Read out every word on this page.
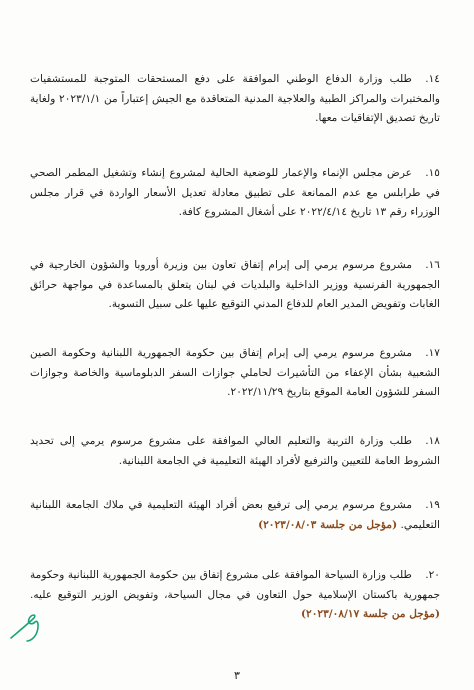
١٤.طلب وزارة الدفاع الوطني الموافقة على دفع المستحقات المتوجبة للمستشفيات والمختبرات والمراكز الطبية والعلاجية المدنية المتعاقدة مع الجيش إعتباراً من ٢٠٢٣/١/١ ولغاية تاريخ تصديق الإتفاقيات معها.
١٥.عرض مجلس الإنماء والإعمار للوضعية الحالية لمشروع إنشاء وتشغيل المطمر الصحي في طرابلس مع عدم الممانعة على تطبيق معادلة تعديل الأسعار الواردة في قرار مجلس الوزراء رقم ١٣ تاريخ ٢٠٢٢/٤/١٤ على أشغال المشروع كافة.
١٦.مشروع مرسوم يرمي إلى إبرام إتفاق تعاون بين وزيرة أوروبا والشؤون الخارجية في الجمهورية الفرنسية ووزير الداخلية والبلديات في لبنان يتعلق بالمساعدة في مواجهة حرائق الغابات وتفويض المدير العام للدفاع المدني التوقيع عليها على سبيل التسوية.
١٧.مشروع مرسوم يرمي إلى إبرام إتفاق بين حكومة الجمهورية اللبنانية وحكومة الصين الشعبية بشأن الإعفاء من التأشيرات لحاملي جوازات السفر الدبلوماسية والخاصة وجوازات السفر للشؤون العامة الموقع بتاريخ ٢٠٢٢/١١/٢٩.
١٨.طلب وزارة التربية والتعليم العالي الموافقة على مشروع مرسوم يرمي إلى تحديد الشروط العامة للتعيين والترفيع لأفراد الهيئة التعليمية في الجامعة اللبنانية.
١٩.مشروع مرسوم يرمي إلى ترفيع بعض أفراد الهيئة التعليمية في ملاك الجامعة اللبنانية التعليمي. (مؤجل من جلسة ٢٠٢٣/٠٨/٠٣)
٢٠.طلب وزارة السياحة الموافقة على مشروع إتفاق بين حكومة الجمهورية اللبنانية وحكومة جمهورية باكستان الإسلامية حول التعاون في مجال السياحة، وتفويض الوزير التوقيع عليه. (مؤجل من جلسة ٢٠٢٣/٠٨/١٧)
٣
